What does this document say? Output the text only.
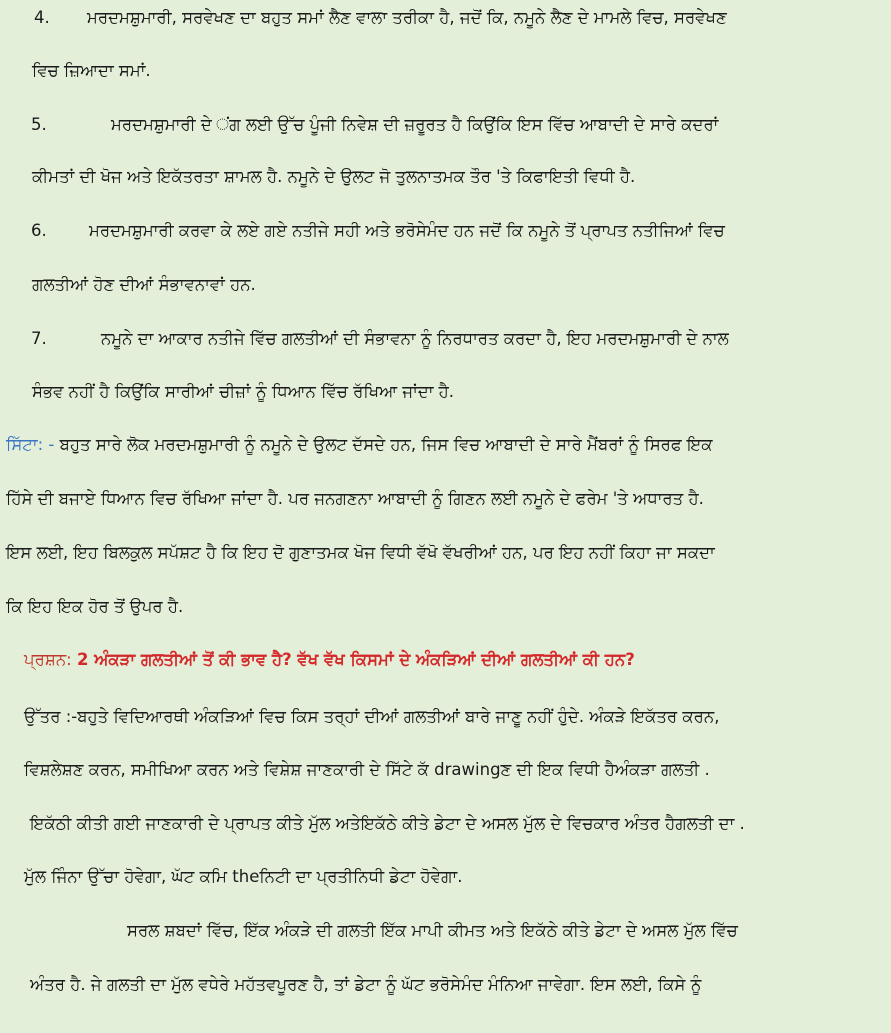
4. ਮਰਦਮਸ਼ੁਮਾਰੀ, ਸਰਵੇਖਣ ਦਾ ਬਹੁਤ ਸਮਾਂ ਲੈਣ ਵਾਲਾ ਤਰੀਕਾ ਹੈ, ਜਦੋਂ ਕਿ, ਨਮੂਨੇ ਲੈਣ ਦੇ ਮਾਮਲੇ ਵਿਚ, ਸਰਵੇਖਣ
ਵਿਚ ਜ਼ਿਆਦਾ ਸਮਾਂ.
5.	ਮਰਦਮਸ਼ੁਮਾਰੀ ਦੇ ਂਗ ਲਈ ਉੱਚ ਪੂੰਜੀ ਨਿਵੇਸ਼ ਦੀ ਜ਼ਰੂਰਤ ਹੈ ਕਿਉਂਕਿ ਇਸ ਵਿੱਚ ਆਬਾਦੀ ਦੇ ਸਾਰੇ ਕਦਰਾਂ
ਕੀਮਤਾਂ ਦੀ ਖੋਜ ਅਤੇ ਇਕੱਤਰਤਾ ਸ਼ਾਮਲ ਹੈ. ਨਮੂਨੇ ਦੇ ਉਲਟ ਜੋ ਤੁਲਨਾਤਮਕ ਤੌਰ 'ਤੇ ਕਿਫਾਇਤੀ ਵਿਧੀ ਹੈ.
6.	ਮਰਦਮਸ਼ੁਮਾਰੀ ਕਰਵਾ ਕੇ ਲਏ ਗਏ ਨਤੀਜੇ ਸਹੀ ਅਤੇ ਭਰੋਸੇਮੰਦ ਹਨ ਜਦੋਂ ਕਿ ਨਮੂਨੇ ਤੋਂ ਪ੍ਰਾਪਤ ਨਤੀਜਿਆਂ ਵਿਚ
ਗਲਤੀਆਂ ਹੋਣ ਦੀਆਂ ਸੰਭਾਵਨਾਵਾਂ ਹਨ.
7.	ਨਮੂਨੇ ਦਾ ਆਕਾਰ ਨਤੀਜੇ ਵਿੱਚ ਗਲਤੀਆਂ ਦੀ ਸੰਭਾਵਨਾ ਨੂੰ ਨਿਰਧਾਰਤ ਕਰਦਾ ਹੈ, ਇਹ ਮਰਦਮਸ਼ੁਮਾਰੀ ਦੇ ਨਾਲ
ਸੰਭਵ ਨਹੀਂ ਹੈ ਕਿਉਂਕਿ ਸਾਰੀਆਂ ਚੀਜ਼ਾਂ ਨੂੰ ਧਿਆਨ ਵਿੱਚ ਰੱਖਿਆ ਜਾਂਦਾ ਹੈ.
ਸਿੱਟਾ: - ਬਹੁਤ ਸਾਰੇ ਲੋਕ ਮਰਦਮਸ਼ੁਮਾਰੀ ਨੂੰ ਨਮੂਨੇ ਦੇ ਉਲਟ ਦੱਸਦੇ ਹਨ, ਜਿਸ ਵਿਚ ਆਬਾਦੀ ਦੇ ਸਾਰੇ ਮੈਂਬਰਾਂ ਨੂੰ ਸਿਰਫ ਇਕ
ਹਿੱਸੇ ਦੀ ਬਜਾਏ ਧਿਆਨ ਵਿਚ ਰੱਖਿਆ ਜਾਂਦਾ ਹੈ. ਪਰ ਜਨਗਣਨਾ ਆਬਾਦੀ ਨੂੰ ਗਿਣਨ ਲਈ ਨਮੂਨੇ ਦੇ ਫਰੇਮ 'ਤੇ ਅਧਾਰਤ ਹੈ.
ਇਸ ਲਈ, ਇਹ ਬਿਲਕੁਲ ਸਪੱਸ਼ਟ ਹੈ ਕਿ ਇਹ ਦੋ ਗੁਣਾਤਮਕ ਖੋਜ ਵਿਧੀ ਵੱਖੋ ਵੱਖਰੀਆਂ ਹਨ, ਪਰ ਇਹ ਨਹੀਂ ਕਿਹਾ ਜਾ ਸਕਦਾ
ਕਿ ਇਹ ਇਕ ਹੋਰ ਤੋਂ ਉਪਰ ਹੈ.
ਪ੍ਰਸ਼ਨ: 2 ਅੰਕੜਾ ਗਲਤੀਆਂ ਤੋਂ ਕੀ ਭਾਵ ਹੈ? ਵੱਖ ਵੱਖ ਕਿਸਮਾਂ ਦੇ ਅੰਕੜਿਆਂ ਦੀਆਂ ਗਲਤੀਆਂ ਕੀ ਹਨ?
ਉੱਤਰ :-ਬਹੁਤੇ ਵਿਦਿਆਰਥੀ ਅੰਕੜਿਆਂ ਵਿਚ ਕਿਸ ਤਰ੍ਹਾਂ ਦੀਆਂ ਗਲਤੀਆਂ ਬਾਰੇ ਜਾਣੂ ਨਹੀਂ ਹੁੰਦੇ. ਅੰਕੜੇ ਇਕੱਤਰ ਕਰਨ,
ਵਿਸ਼ਲੇਸ਼ਣ ਕਰਨ, ਸਮੀਖਿਆ ਕਰਨ ਅਤੇ ਵਿਸ਼ੇਸ਼ ਜਾਣਕਾਰੀ ਦੇ ਸਿੱਟੇ ਕੱ drawingਣ ਦੀ ਇਕ ਵਿਧੀ ਹੈਅੰਕੜਾ ਗਲਤੀ .
ਇਕੱਠੀ ਕੀਤੀ ਗਈ ਜਾਣਕਾਰੀ ਦੇ ਪ੍ਰਾਪਤ ਕੀਤੇ ਮੁੱਲ ਅਤੇਇਕੱਠੇ ਕੀਤੇ ਡੇਟਾ ਦੇ ਅਸਲ ਮੁੱਲ ਦੇ ਵਿਚਕਾਰ ਅੰਤਰ ਹੈਗਲਤੀ ਦਾ .
ਮੁੱਲ ਜਿੰਨਾ ਉੱਚਾ ਹੋਵੇਗਾ, ਘੱਟ ਕਮਿ theਨਿਟੀ ਦਾ ਪ੍ਰਤੀਨਿਧੀ ਡੇਟਾ ਹੋਵੇਗਾ.
ਸਰਲ ਸ਼ਬਦਾਂ ਵਿੱਚ, ਇੱਕ ਅੰਕੜੇ ਦੀ ਗਲਤੀ ਇੱਕ ਮਾਪੀ ਕੀਮਤ ਅਤੇ ਇਕੱਠੇ ਕੀਤੇ ਡੇਟਾ ਦੇ ਅਸਲ ਮੁੱਲ ਵਿੱਚ
ਅੰਤਰ ਹੈ. ਜੇ ਗਲਤੀ ਦਾ ਮੁੱਲ ਵਧੇਰੇ ਮਹੱਤਵਪੂਰਣ ਹੈ, ਤਾਂ ਡੇਟਾ ਨੂੰ ਘੱਟ ਭਰੋਸੇਮੰਦ ਮੰਨਿਆ ਜਾਵੇਗਾ. ਇਸ ਲਈ, ਕਿਸੇ ਨੂੰ
